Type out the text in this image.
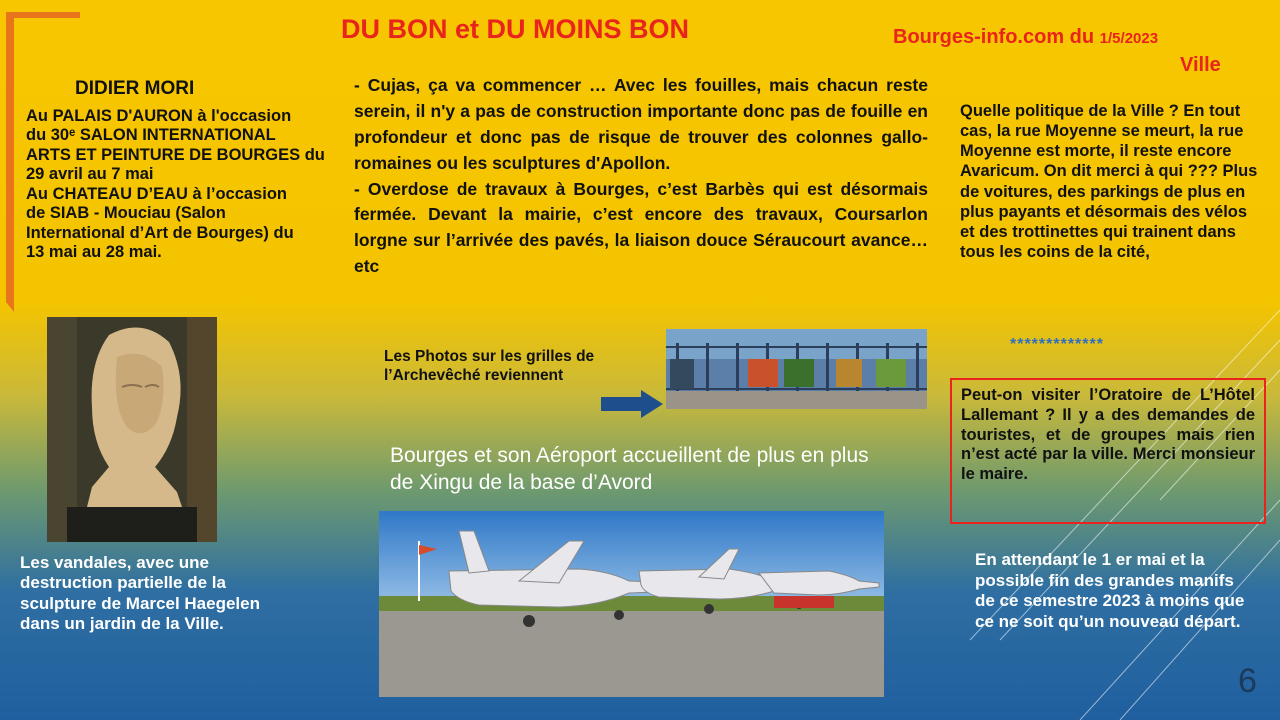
DU BON et DU MOINS BON	Bourges-info.com du 1/5/2023
Ville
DIDIER MORI
Au PALAIS D'AURON à l'occasion
du 30ᵉ SALON INTERNATIONAL
ARTS ET PEINTURE DE BOURGES du
29 avril au 7 mai
Au CHATEAU D’EAU à l’occasion
de SIAB - Mouciau (Salon
International d’Art de Bourges) du
13 mai au 28 mai.
Les vandales, avec une destruction partielle de la sculpture de Marcel Haegelen dans un jardin de la Ville.

- Cujas, ça va commencer … Avec les fouilles, mais chacun reste serein, il n'y a pas de construction importante donc pas de fouille en profondeur et donc pas de risque de trouver des colonnes gallo- romaines ou les sculptures d'Apollon.

- Overdose de travaux à Bourges, c’est Barbès qui est désormais fermée. Devant la mairie, c’est encore des travaux, Coursarlon lorgne sur l’arrivée des pavés, la liaison douce Séraucourt avance… etc

Les Photos sur les grilles de l’Archevêché reviennent
Bourges et son Aéroport accueillent de plus en plus de Xingu de la base d’Avord
Quelle politique de la Ville ? En tout cas, la rue Moyenne se meurt, la rue Moyenne est morte, il reste encore Avaricum. On dit merci à qui ??? Plus de voitures, des parkings de plus en plus payants et désormais des vélos et des trottinettes qui trainent dans tous les coins de la cité,
*************
Peut-on visiter l’Oratoire de L’Hôtel Lallemant ? Il y a des demandes de touristes, et de groupes mais rien n’est acté par la ville. Merci monsieur le maire.
En attendant le 1 er mai et la possible fin des grandes manifs de ce semestre 2023 à moins que ce ne soit qu’un nouveau départ.
6
